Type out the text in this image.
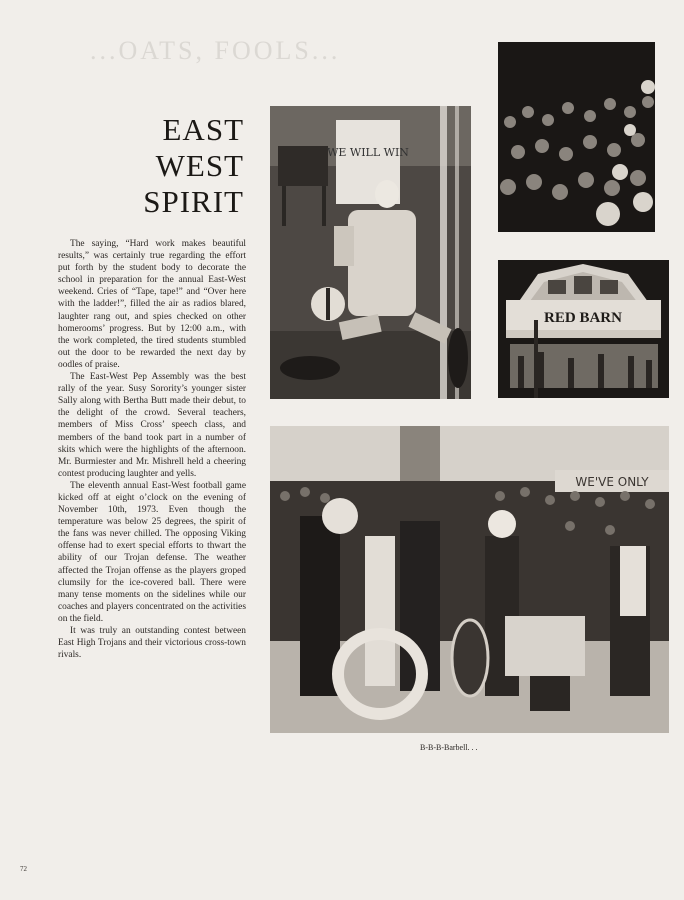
...OATS, FOOLS...
EAST
WEST
SPIRIT

The saying, “Hard work makes beautiful results,” was certainly true regarding the effort put forth by the student body to decorate the school in preparation for the annual East-West weekend. Cries of “Tape, tape!” and “Over here with the ladder!”, filled the air as radios blared, laughter rang out, and spies checked on other homerooms’ progress. But by 12:00 a.m., with the work completed, the tired students stumbled out the door to be rewarded the next day by oodles of praise.

The East-West Pep Assembly was the best rally of the year. Susy Sorority’s younger sister Sally along with Bertha Butt made their debut, to the delight of the crowd. Several teachers, members of Miss Cross’ speech class, and members of the band took part in a number of skits which were the highlights of the afternoon. Mr. Burmiester and Mr. Mishrell held a cheering contest producing laughter and yells.

The eleventh annual East-West football game kicked off at eight o’clock on the evening of November 10th, 1973. Even though the temperature was below 25 degrees, the spirit of the fans was never chilled. The opposing Viking offense had to exert special efforts to thwart the ability of our Trojan defense. The weather affected the Trojan offense as the players groped clumsily for the ice-covered ball. There were many tense moments on the sidelines while our coaches and players concentrated on the activities on the field.

It was truly an outstanding contest between East High Trojans and their victorious cross-town rivals.

WE WILL WIN
RED BARN
WE'VE ONLY
B-B-B-Barbell. . .
72
